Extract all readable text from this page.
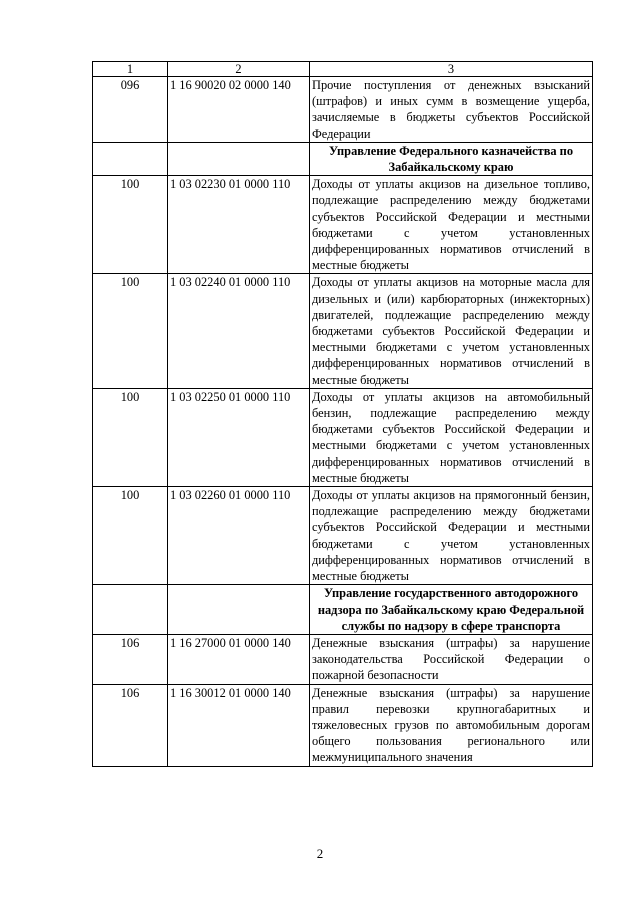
1	2	3
096	1 16 90020 02 0000 140	Прочие поступления от денежных взысканий (штрафов) и иных сумм в возмещение ущерба, зачисляемые в бюджеты субъектов Российской Федерации
		Управление Федерального казначейства по Забайкальскому краю
100	1 03 02230 01 0000 110	Доходы от уплаты акцизов на дизельное топливо, подлежащие распределению между бюджетами субъектов Российской Федерации и местными бюджетами с учетом установленных дифференцированных нормативов отчислений в местные бюджеты
100	1 03 02240 01 0000 110	Доходы от уплаты акцизов на моторные масла для дизельных и (или) карбюраторных (инжекторных) двигателей, подлежащие распределению между бюджетами субъектов Российской Федерации и местными бюджетами с учетом установленных дифференцированных нормативов отчислений в местные бюджеты
100	1 03 02250 01 0000 110	Доходы от уплаты акцизов на автомобильный бензин, подлежащие распределению между бюджетами субъектов Российской Федерации и местными бюджетами с учетом установленных дифференцированных нормативов отчислений в местные бюджеты
100	1 03 02260 01 0000 110	Доходы от уплаты акцизов на прямогонный бензин, подлежащие распределению между бюджетами субъектов Российской Федерации и местными бюджетами с учетом установленных дифференцированных нормативов отчислений в местные бюджеты
		Управление государственного автодорожного надзора по Забайкальскому краю Федеральной службы по надзору в сфере транспорта
106	1 16 27000 01 0000 140	Денежные взыскания (штрафы) за нарушение законодательства Российской Федерации о пожарной безопасности
106	1 16 30012 01 0000 140	Денежные взыскания (штрафы) за нарушение правил перевозки крупногабаритных и тяжеловесных грузов по автомобильным дорогам общего пользования регионального или межмуниципального значения
2
